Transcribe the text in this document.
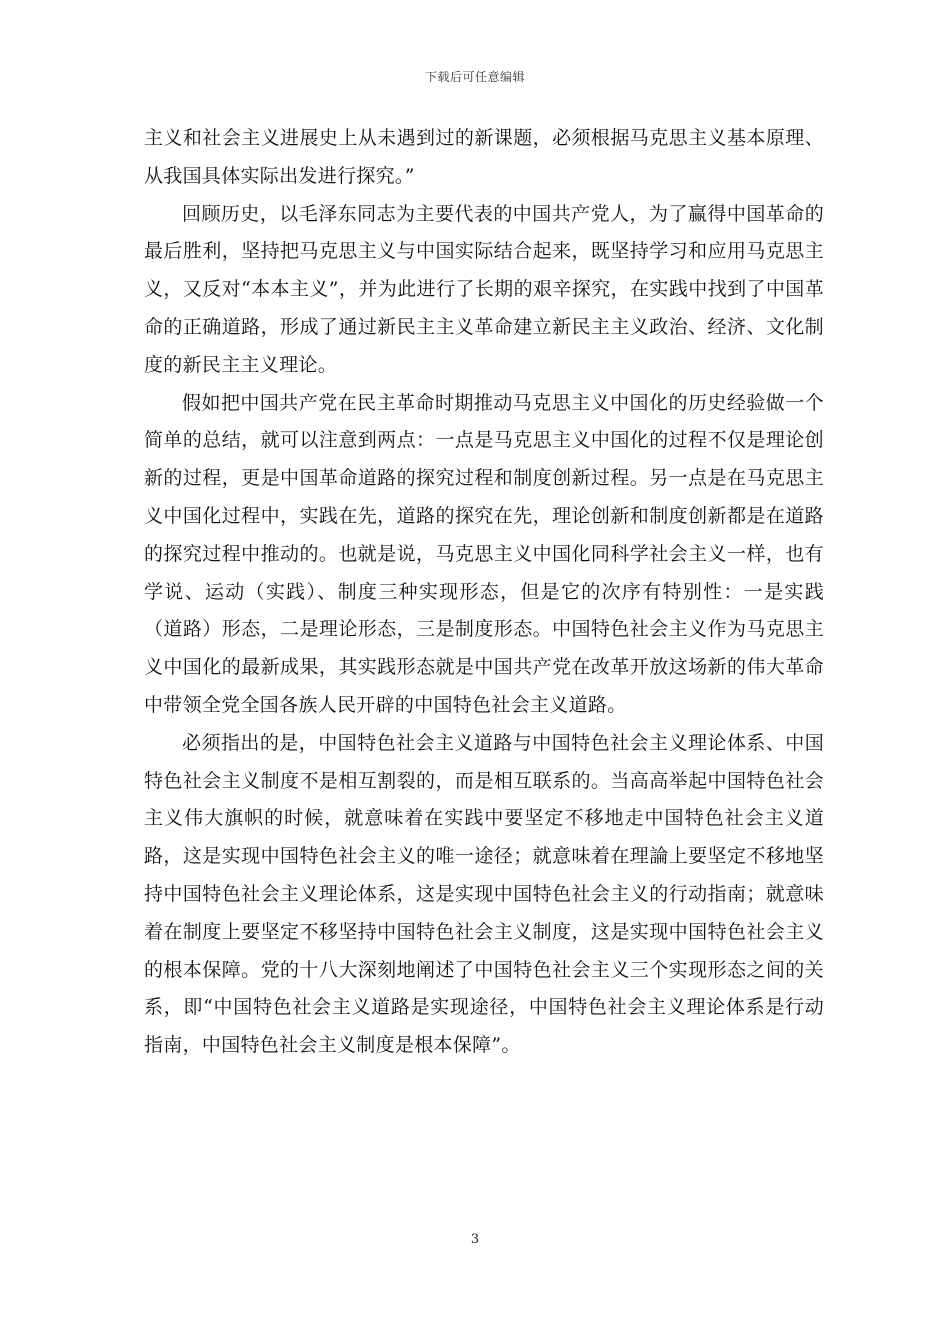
下载后可任意编辑

主义和社会主义进展史上从未遇到过的新课题，必须根据马克思主义基本原理、从我国具体实际出发进行探究。”

回顾历史，以毛泽东同志为主要代表的中国共产党人，为了赢得中国革命的最后胜利，坚持把马克思主义与中国实际结合起来，既坚持学习和应用马克思主义，又反对“本本主义”，并为此进行了长期的艰辛探究，在实践中找到了中国革命的正确道路，形成了通过新民主主义革命建立新民主主义政治、经济、文化制度的新民主主义理论。

假如把中国共产党在民主革命时期推动马克思主义中国化的历史经验做一个简单的总结，就可以注意到两点：一点是马克思主义中国化的过程不仅是理论创新的过程，更是中国革命道路的探究过程和制度创新过程。另一点是在马克思主义中国化过程中，实践在先，道路的探究在先，理论创新和制度创新都是在道路的探究过程中推动的。也就是说，马克思主义中国化同科学社会主义一样，也有学说、运动（实践）、制度三种实现形态，但是它的次序有特别性：一是实践（道路）形态，二是理论形态，三是制度形态。中国特色社会主义作为马克思主义中国化的最新成果，其实践形态就是中国共产党在改革开放这场新的伟大革命中带领全党全国各族人民开辟的中国特色社会主义道路。

必须指出的是，中国特色社会主义道路与中国特色社会主义理论体系、中国特色社会主义制度不是相互割裂的，而是相互联系的。当高高举起中国特色社会主义伟大旗帜的时候，就意味着在实践中要坚定不移地走中国特色社会主义道路，这是实现中国特色社会主义的唯一途径；就意味着在理論上要坚定不移地坚持中国特色社会主义理论体系，这是实现中国特色社会主义的行动指南；就意味着在制度上要坚定不移坚持中国特色社会主义制度，这是实现中国特色社会主义的根本保障。党的十八大深刻地阐述了中国特色社会主义三个实现形态之间的关系，即“中国特色社会主义道路是实现途径，中国特色社会主义理论体系是行动指南，中国特色社会主义制度是根本保障”。

3
